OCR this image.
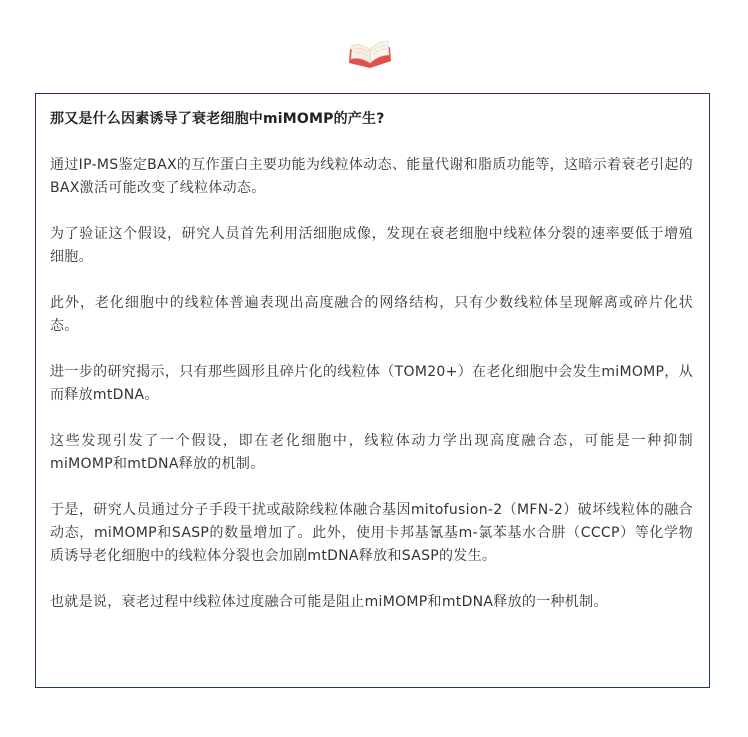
那又是什么因素诱导了衰老细胞中miMOMP的产生?

通过IP-MS鉴定BAX的互作蛋白主要功能为线粒体动态、能量代谢和脂质功能等，这暗示着衰老引起的BAX激活可能改变了线粒体动态。

为了验证这个假设，研究人员首先利用活细胞成像，发现在衰老细胞中线粒体分裂的速率要低于增殖细胞。

此外，老化细胞中的线粒体普遍表现出高度融合的网络结构，只有少数线粒体呈现解离或碎片化状态。

进一步的研究揭示，只有那些圆形且碎片化的线粒体（TOM20+）在老化细胞中会发生miMOMP，从而释放mtDNA。

这些发现引发了一个假设，即在老化细胞中，线粒体动力学出现高度融合态，可能是一种抑制miMOMP和mtDNA释放的机制。

于是，研究人员通过分子手段干扰或敲除线粒体融合基因mitofusion-2（MFN-2）破坏线粒体的融合动态，miMOMP和SASP的数量增加了。此外，使用卡邦基氰基m-氯苯基水合肼（CCCP）等化学物质诱导老化细胞中的线粒体分裂也会加剧mtDNA释放和SASP的发生。

也就是说，衰老过程中线粒体过度融合可能是阻止miMOMP和mtDNA释放的一种机制。
